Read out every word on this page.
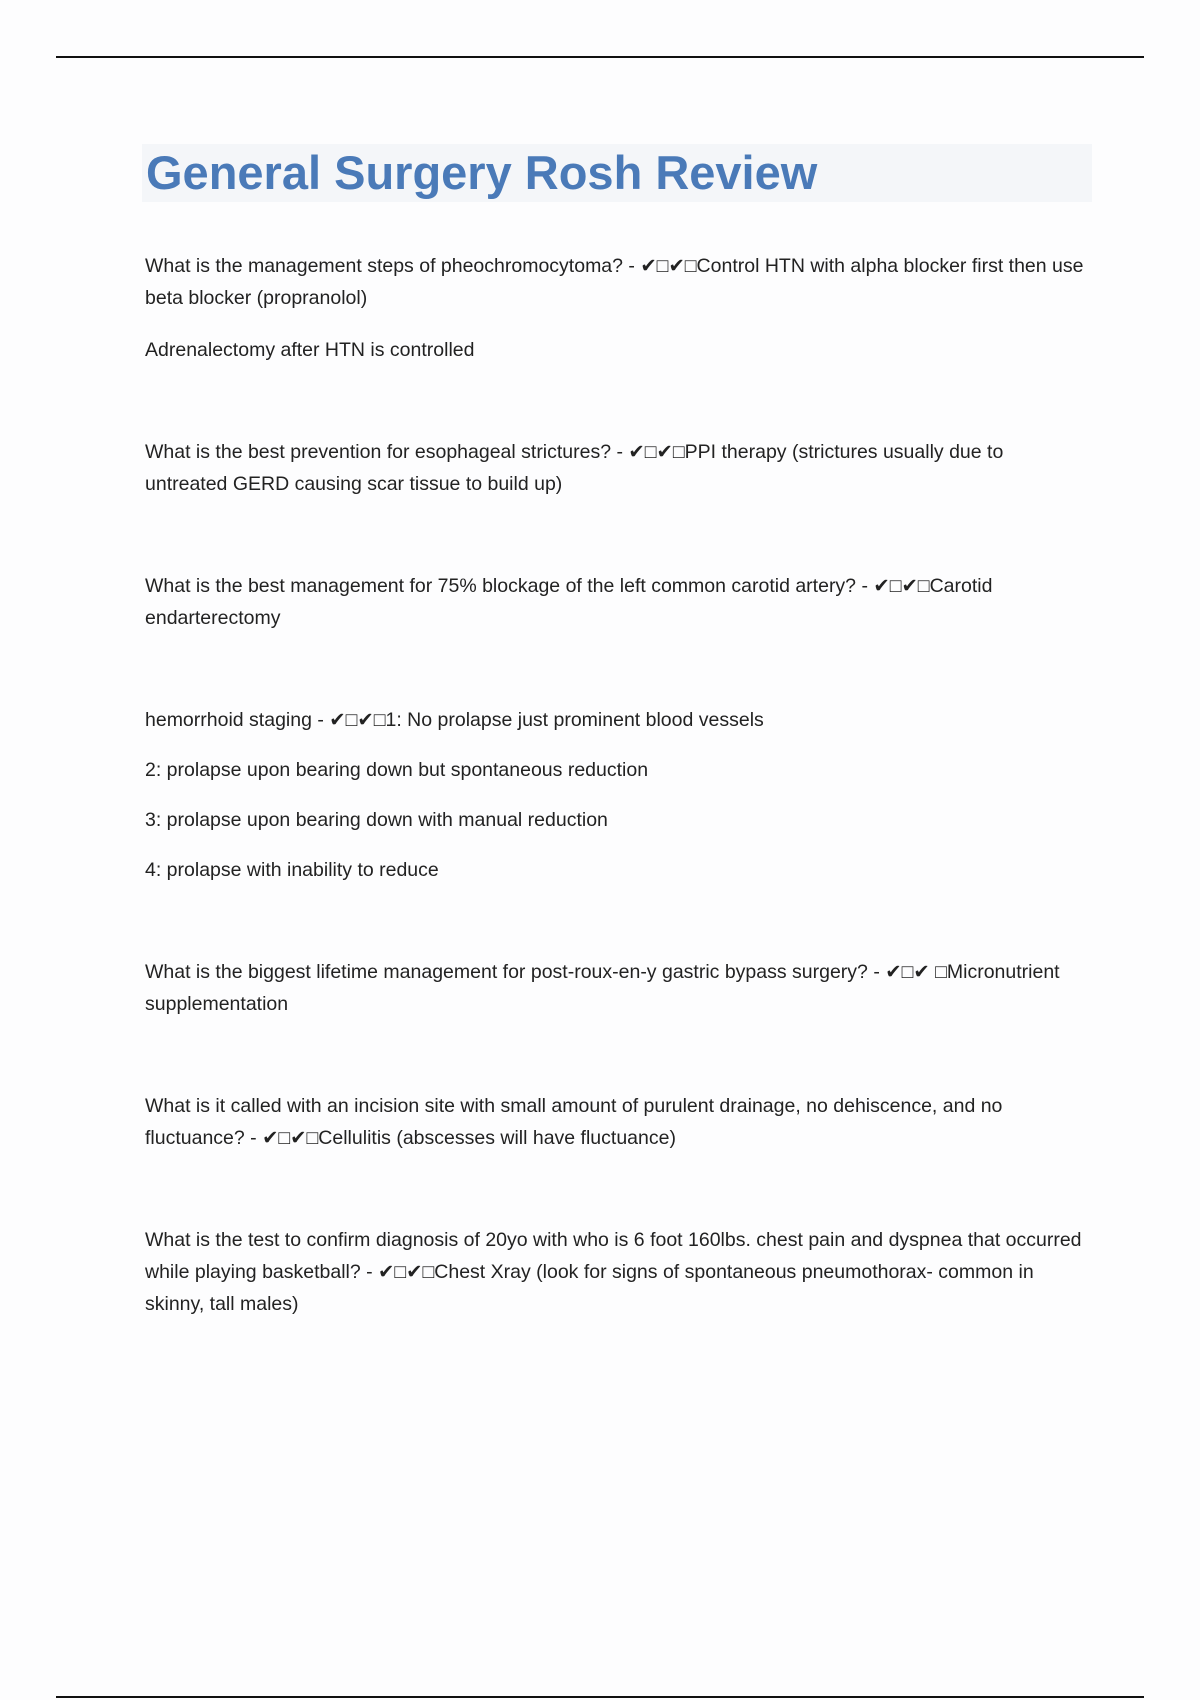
General Surgery Rosh Review

What is the management steps of pheochromocytoma? - ✔□✔□Control HTN with alpha blocker first then use beta blocker (propranolol)

Adrenalectomy after HTN is controlled

What is the best prevention for esophageal strictures? - ✔□✔□PPI therapy (strictures usually due to untreated GERD causing scar tissue to build up)

What is the best management for 75% blockage of the left common carotid artery? - ✔□✔□Carotid endarterectomy

hemorrhoid staging - ✔□✔□1: No prolapse just prominent blood vessels

2: prolapse upon bearing down but spontaneous reduction

3: prolapse upon bearing down with manual reduction

4: prolapse with inability to reduce

What is the biggest lifetime management for post-roux-en-y gastric bypass surgery? - ✔□✔ □Micronutrient supplementation

What is it called with an incision site with small amount of purulent drainage, no dehiscence, and no fluctuance? - ✔□✔□Cellulitis (abscesses will have fluctuance)

What is the test to confirm diagnosis of 20yo with who is 6 foot 160lbs. chest pain and dyspnea that occurred while playing basketball? - ✔□✔□Chest Xray (look for signs of spontaneous pneumothorax- common in skinny, tall males)
